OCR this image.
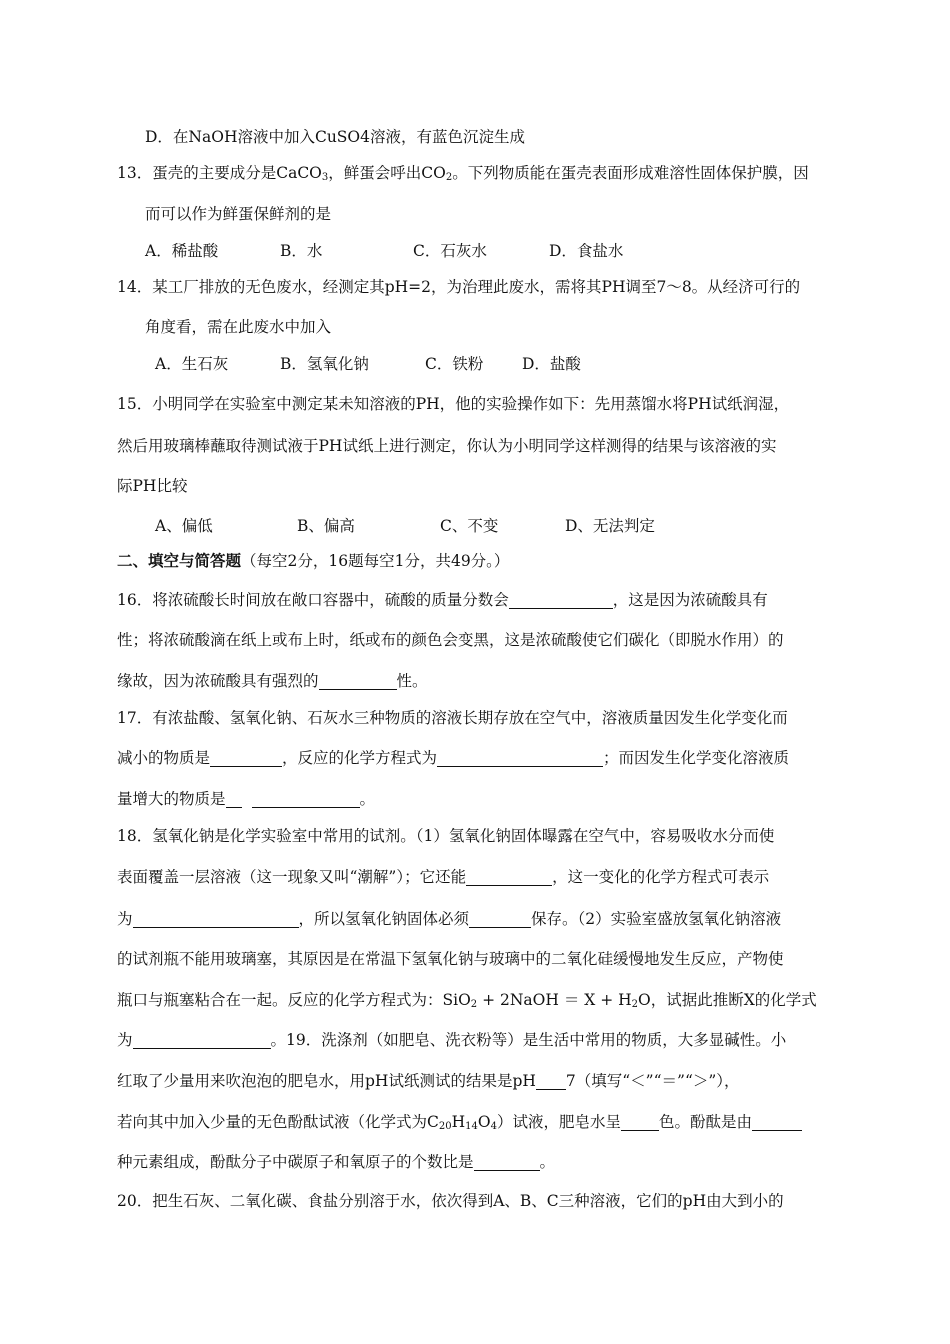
D．在NaOH溶液中加入CuSO4溶液，有蓝色沉淀生成
13．蛋壳的主要成分是CaCO$_3$，鲜蛋会呼出$CO_2$。下列物质能在蛋壳表面形成难溶性固体保护膜，因
而可以作为鲜蛋保鲜剂的是
A．稀盐酸	B．水	C．石灰水	D．食盐水
14．某工厂排放的无色废水，经测定其pH=2，为治理此废水，需将其PH调至7～8。从经济可行的
角度看，需在此废水中加入
A．生石灰	B．氢氧化钠	C．铁粉 D．盐酸
15．小明同学在实验室中测定某未知溶液的PH，他的实验操作如下：先用蒸馏水将PH试纸润湿，
然后用玻璃棒蘸取待测试液于PH试纸上进行测定，你认为小明同学这样测得的结果与该溶液的实
际PH比较
A、偏低	B、偏高	C、不变	D、无法判定
二、填空与简答题（每空2分，16题每空1分，共49分。）
16．将浓硫酸长时间放在敞口容器中，硫酸的质量分数会	，这是因为浓硫酸具有
性；将浓硫酸滴在纸上或布上时，纸或布的颜色会变黑，这是浓硫酸使它们碳化（即脱水作用）的
缘故，因为浓硫酸具有强烈的	性。
17．有浓盐酸、氢氧化钠、石灰水三种物质的溶液长期存放在空气中，溶液质量因发生化学变化而
减小的物质是	，反应的化学方程式为	；而因发生化学变化溶液质
量增大的物质是	。
18．氢氧化钠是化学实验室中常用的试剂。（1）氢氧化钠固体曝露在空气中，容易吸收水分而使
表面覆盖一层溶液（这一现象又叫“潮解”）；它还能	，这一变化的化学方程式可表示
为	，所以氢氧化钠固体必须	保存。（2）实验室盛放氢氧化钠溶液
的试剂瓶不能用玻璃塞，其原因是在常温下氢氧化钠与玻璃中的二氧化硅缓慢地发生反应，产物使
瓶口与瓶塞粘合在一起。反应的化学方程式为：SiO$_2$ + 2NaOH ＝ $X + H_2O$，试据此推断X的化学式
为	。19．洗涤剂（如肥皂、洗衣粉等）是生活中常用的物质，大多显碱性。小
红取了少量用来吹泡泡的肥皂水，用pH试纸测试的结果是pH 7（填写“＜”“＝”“＞”），
若向其中加入少量的无色酚酞试液（化学式为$C_{20}H_{14}O_4$）试液，肥皂水呈 色。酚酞是由
种元素组成，酚酞分子中碳原子和氧原子的个数比是	。
20．把生石灰、二氧化碳、食盐分别溶于水，依次得到A、B、C三种溶液，它们的pH由大到小的
